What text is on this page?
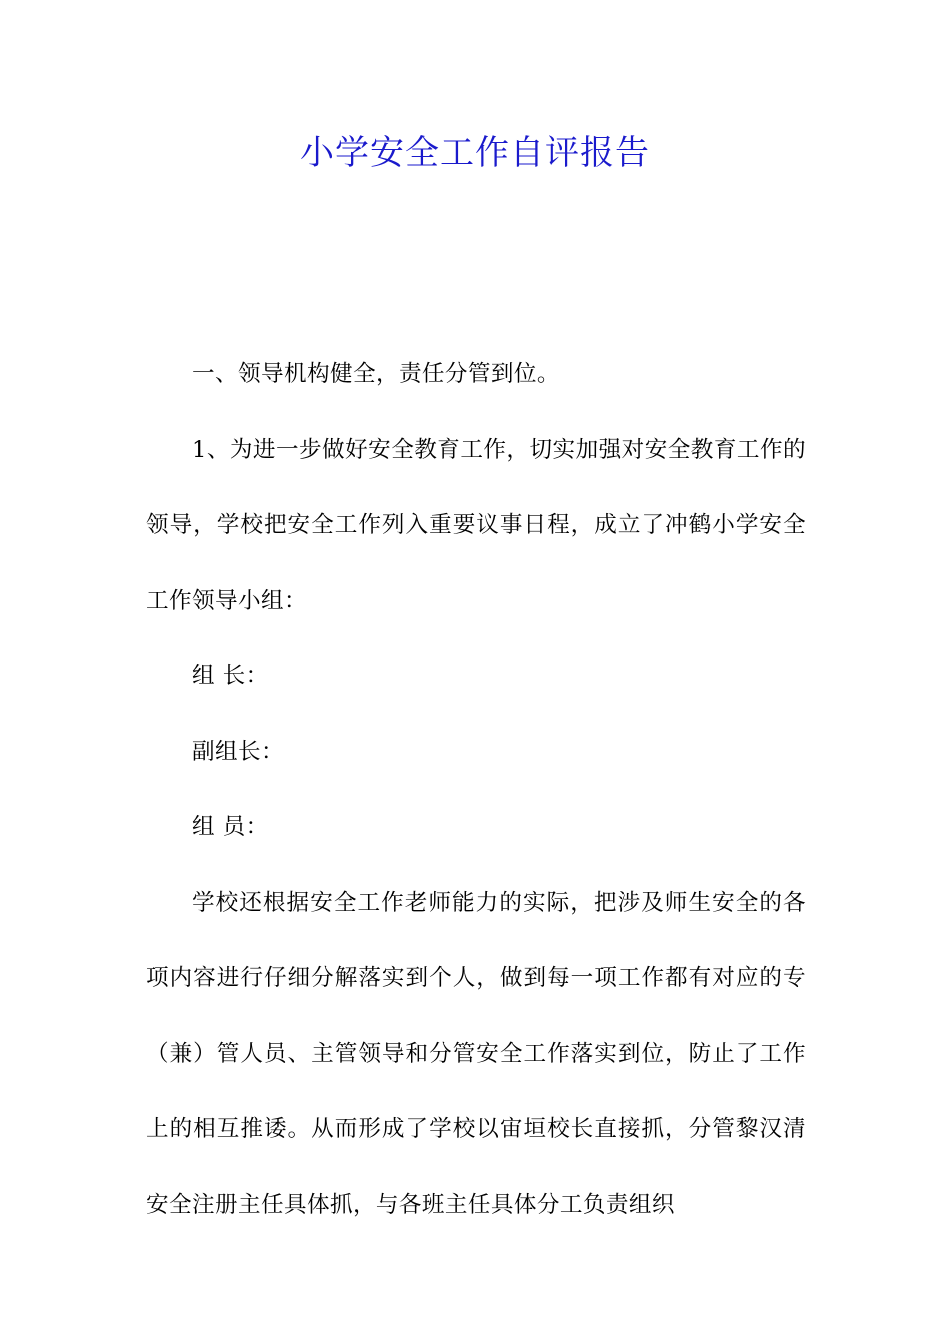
小学安全工作自评报告

一、领导机构健全，责任分管到位。

1、为进一步做好安全教育工作，切实加强对安全教育工作的领导，学校把安全工作列入重要议事日程，成立了冲鹤小学安全工作领导小组：

组 长：

副组长：

组 员：

学校还根据安全工作老师能力的实际，把涉及师生安全的各项内容进行仔细分解落实到个人，做到每一项工作都有对应的专（兼）管人员、主管领导和分管安全工作落实到位，防止了工作上的相互推诿。从而形成了学校以宙垣校长直接抓，分管黎汉清安全注册主任具体抓，与各班主任具体分工负责组织
